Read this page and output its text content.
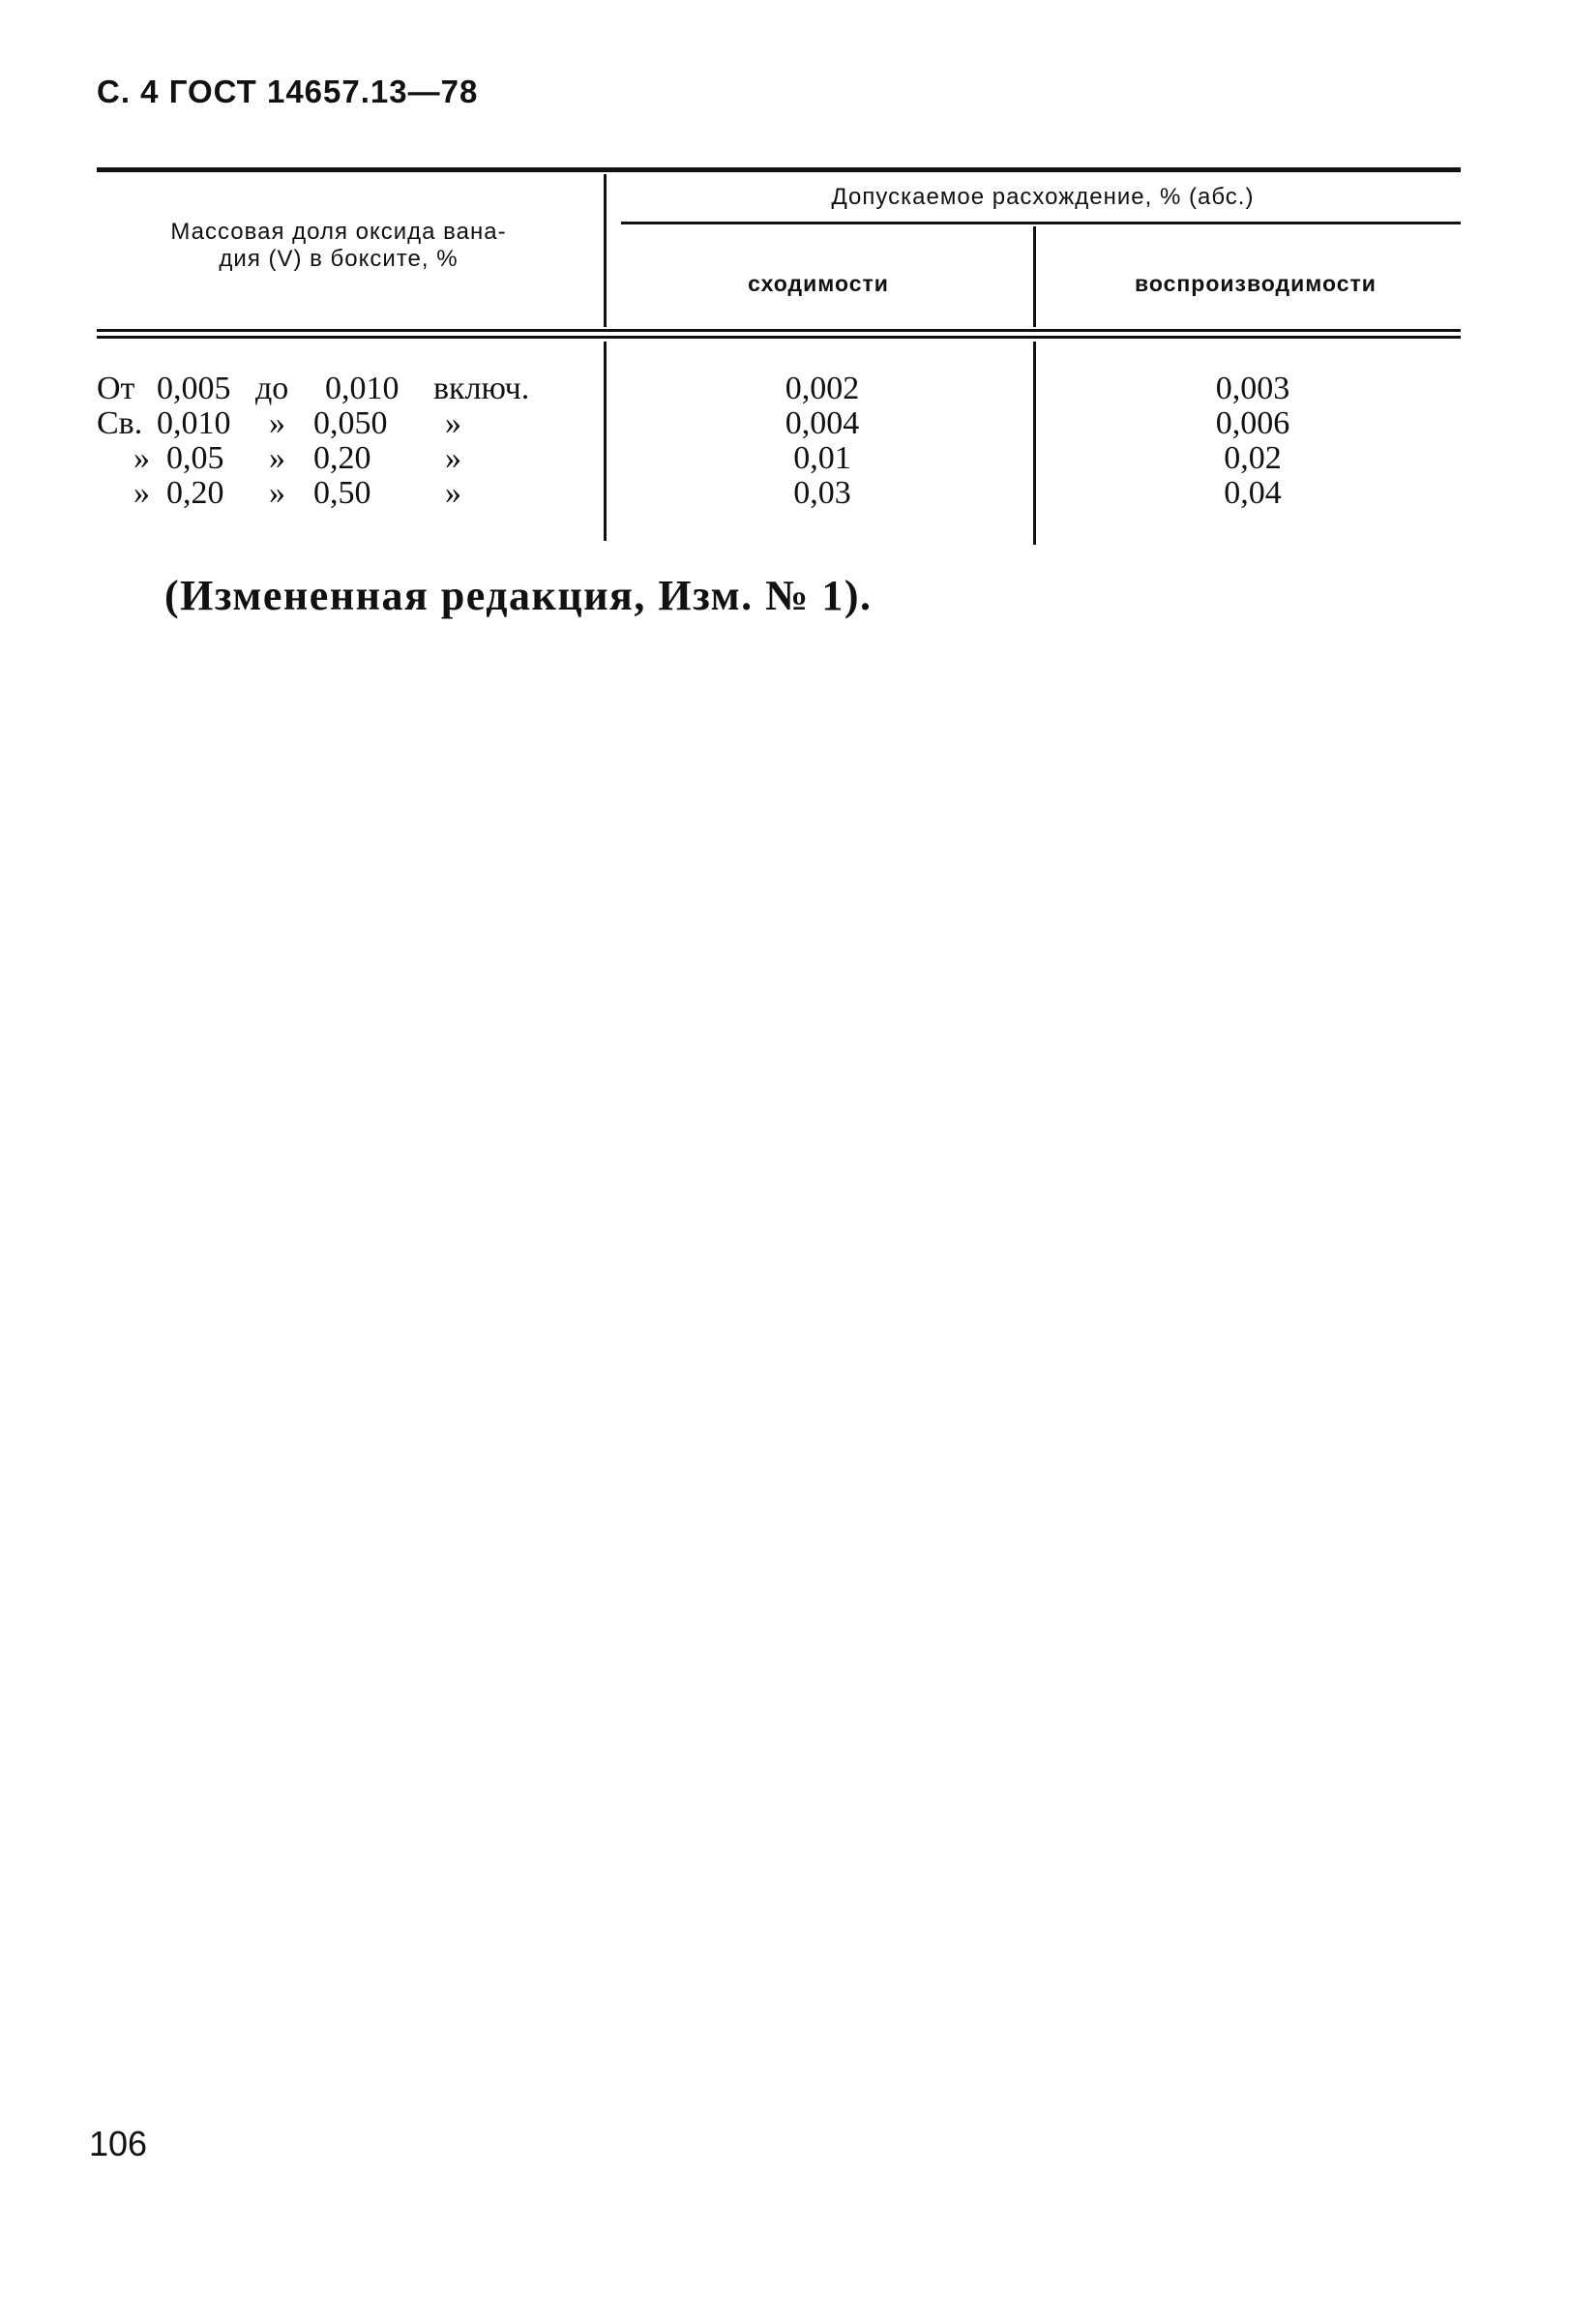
С. 4 ГОСТ 14657.13—78
Массовая доля оксида вана-
дия (V) в боксите, %
Допускаемое расхождение, % (абс.)
сходимости	воспроизводимости
От 0,005 до 0,010 включ.
Св. 0,010 » 0,050 »
» 0,05 » 0,20 »
» 0,20 » 0,50 »
0,002
0,004
0,01
0,03
0,003
0,006
0,02
0,04
(Измененная редакция, Изм. № 1).
106
